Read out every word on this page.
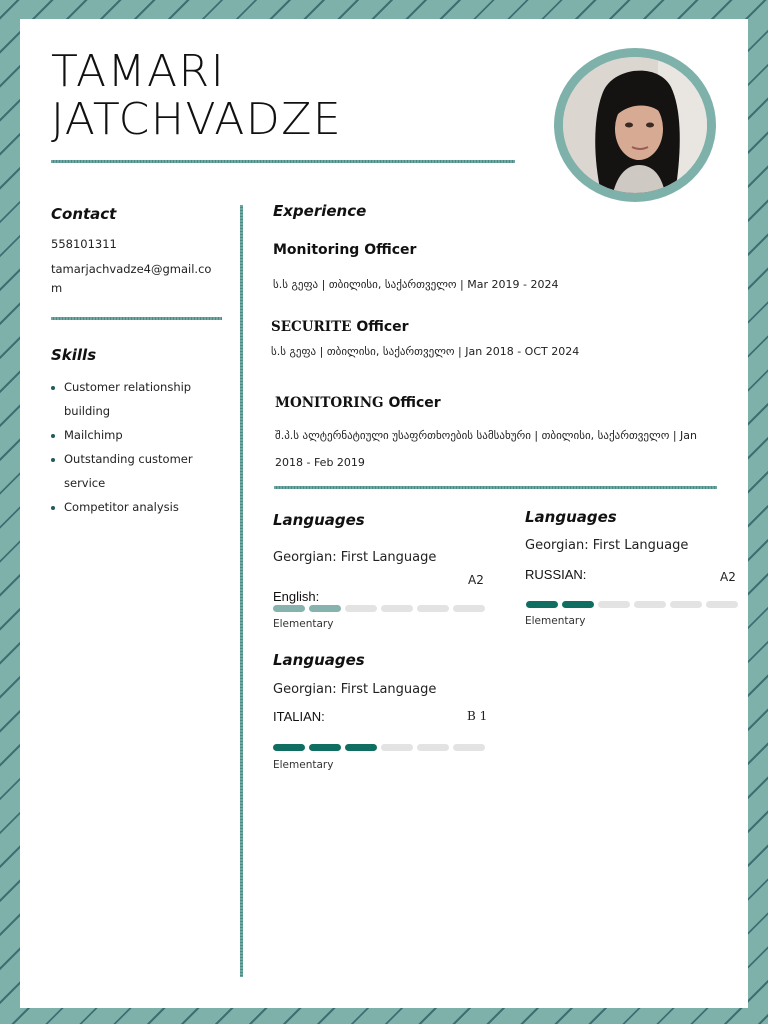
TAMARI
JATCHVADZE
Contact
558101311
tamarjachvadze4@gmail.co
m
Skills
Customer relationship
building
Mailchimp
Outstanding customer
service
Competitor analysis
Experience
Monitoring Officer
ს.ს გეფა | თბილისი, საქართველო | Mar 2019 - 2024
SECURITE Officer
ს.ს გეფა | თბილისი, საქართველო | Jan 2018 - OCT 2024
MONITORING Officer
შ.პ.ს ალტერნატიული უსაფრთხოების სამსახური | თბილისი, საქართველო | Jan
2018 - Feb 2019
Languages
Georgian: First Language
A2
English:
Elementary
Languages
Georgian: First Language
RUSSIAN:	A2
Elementary
Languages
Georgian: First Language
ITALIAN:	B 1
Elementary
